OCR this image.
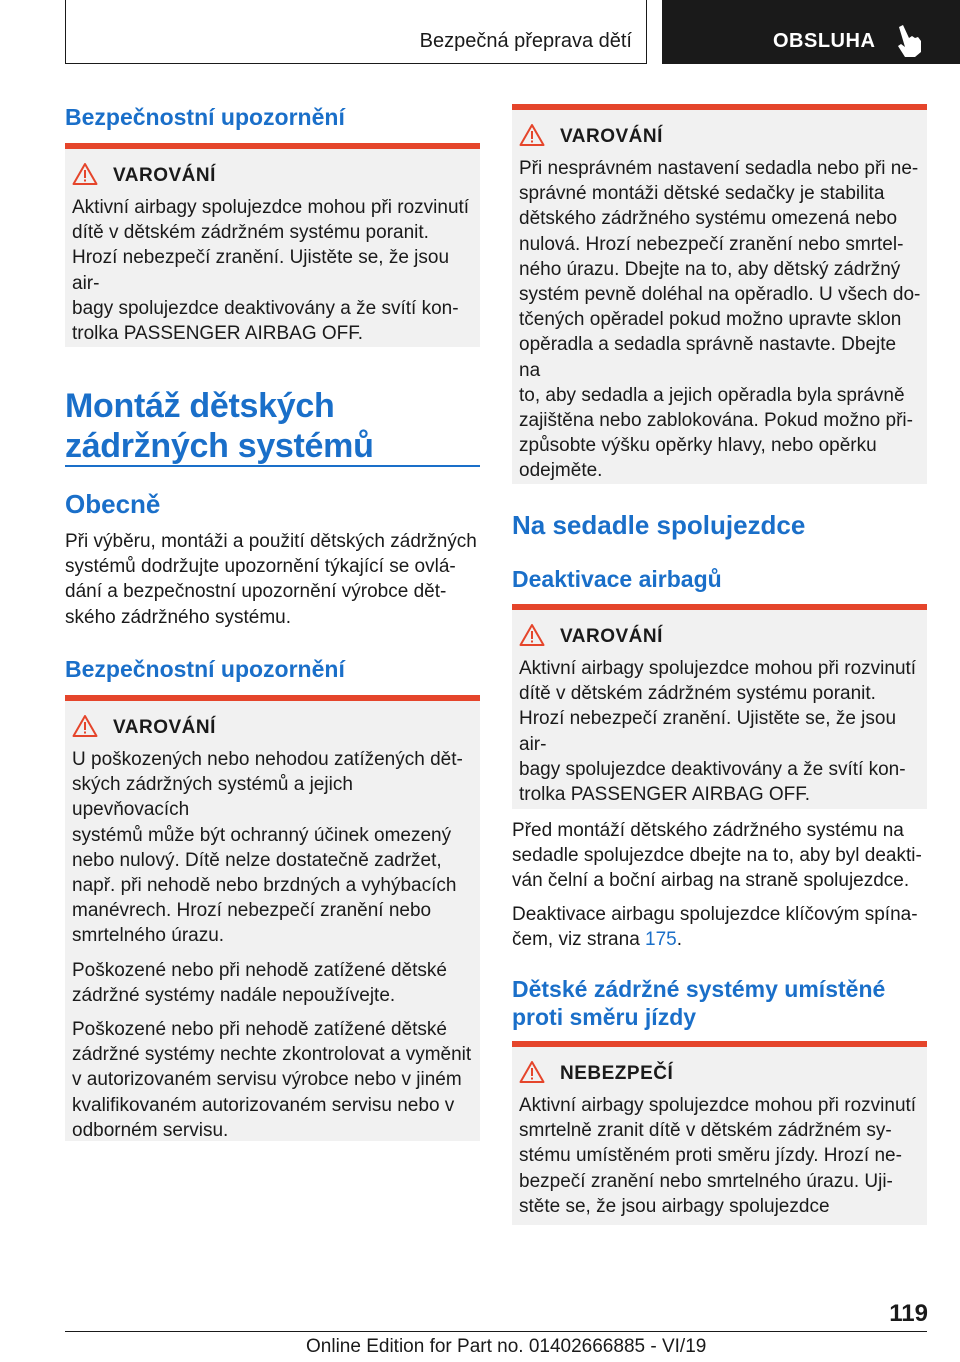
Bezpečná přeprava dětí	OBSLUHA
Bezpečnostní upozornění
VAROVÁNÍ

Aktivní airbagy spolujezdce mohou při rozvinutí
dítě v dětském zádržném systému poranit.
Hrozí nebezpečí zranění. Ujistěte se, že jsou air-
bagy spolujezdce deaktivovány a že svítí kon-
trolka PASSENGER AIRBAG OFF.

Montáž dětských
zádržných systémů
Obecně

Při výběru, montáži a použití dětských zádržných
systémů dodržujte upozornění týkající se ovlá-
dání a bezpečnostní upozornění výrobce dět-
ského zádržného systému.

Bezpečnostní upozornění
VAROVÁNÍ

U poškozených nebo nehodou zatížených dět-
ských zádržných systémů a jejich upevňovacích
systémů může být ochranný účinek omezený
nebo nulový. Dítě nelze dostatečně zadržet,
např. při nehodě nebo brzdných a vyhýbacích
manévrech. Hrozí nebezpečí zranění nebo
smrtelného úrazu.

Poškozené nebo při nehodě zatížené dětské
zádržné systémy nadále nepoužívejte.

Poškozené nebo při nehodě zatížené dětské
zádržné systémy nechte zkontrolovat a vyměnit
v autorizovaném servisu výrobce nebo v jiném
kvalifikovaném autorizovaném servisu nebo v
odborném servisu.

VAROVÁNÍ

Při nesprávném nastavení sedadla nebo při ne-
správné montáži dětské sedačky je stabilita
dětského zádržného systému omezená nebo
nulová. Hrozí nebezpečí zranění nebo smrtel-
ného úrazu. Dbejte na to, aby dětský zádržný
systém pevně doléhal na opěradlo. U všech do-
tčených opěradel pokud možno upravte sklon
opěradla a sedadla správně nastavte. Dbejte na
to, aby sedadla a jejich opěradla byla správně
zajištěna nebo zablokována. Pokud možno při-
způsobte výšku opěrky hlavy, nebo opěrku
odejměte.

Na sedadle spolujezdce
Deaktivace airbagů
VAROVÁNÍ

Aktivní airbagy spolujezdce mohou při rozvinutí
dítě v dětském zádržném systému poranit.
Hrozí nebezpečí zranění. Ujistěte se, že jsou air-
bagy spolujezdce deaktivovány a že svítí kon-
trolka PASSENGER AIRBAG OFF.

Před montáží dětského zádržného systému na
sedadle spolujezdce dbejte na to, aby byl deakti-
ván čelní a boční airbag na straně spolujezdce.

Deaktivace airbagu spolujezdce klíčovým spína-
čem, viz strana 175.

Dětské zádržné systémy umístěné
proti směru jízdy
NEBEZPEČÍ

Aktivní airbagy spolujezdce mohou při rozvinutí
smrtelně zranit dítě v dětském zádržném sy-
stému umístěném proti směru jízdy. Hrozí ne-
bezpečí zranění nebo smrtelného úrazu. Uji-
stěte se, že jsou airbagy spolujezdce

119
Online Edition for Part no. 01402666885 - VI/19
